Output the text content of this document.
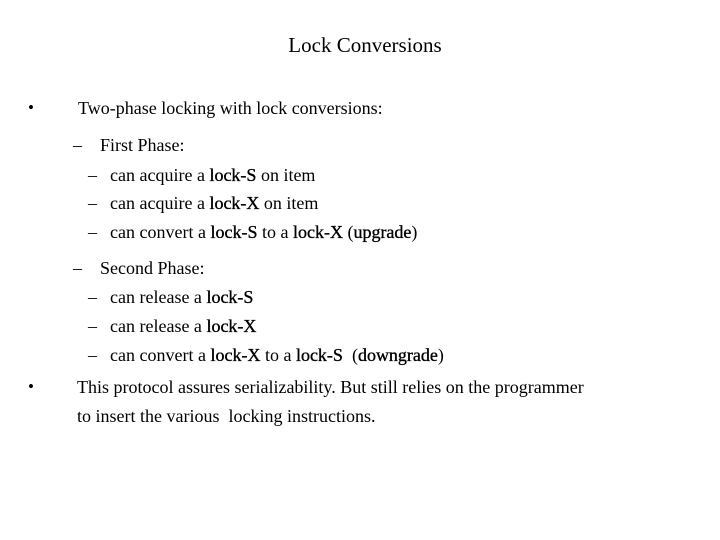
Lock Conversions
• Two-phase locking with lock conversions:
– First Phase:
– can acquire a lock-S on item
– can acquire a lock-X on item
– can convert a lock-S to a lock-X (upgrade)
– Second Phase:
– can release a lock-S
– can release a lock-X
– can convert a lock-X to a lock-S  (downgrade)
• This protocol assures serializability. But still relies on the programmer
to insert the various  locking instructions.
